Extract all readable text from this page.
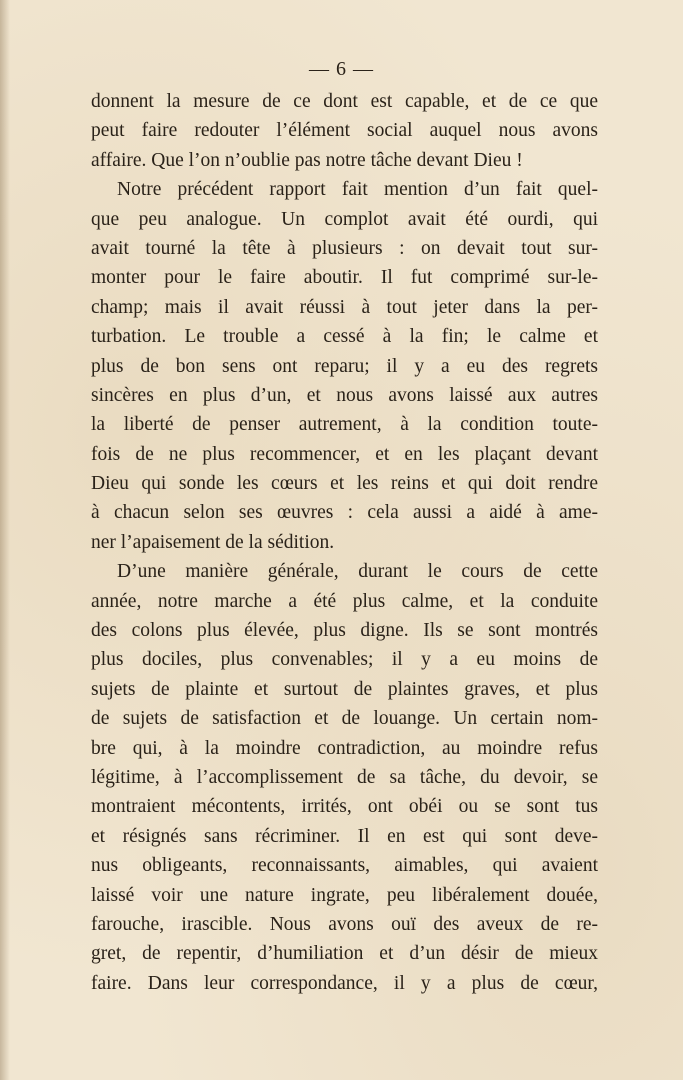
— 6 —
donnent la mesure de ce dont est capable, et de ce que
peut faire redouter l’élément social auquel nous avons
affaire. Que l’on n’oublie pas notre tâche devant Dieu !
Notre précédent rapport fait mention d’un fait quel-
que peu analogue. Un complot avait été ourdi, qui
avait tourné la tête à plusieurs : on devait tout sur-
monter pour le faire aboutir. Il fut comprimé sur-le-
champ; mais il avait réussi à tout jeter dans la per-
turbation. Le trouble a cessé à la fin; le calme et
plus de bon sens ont reparu; il y a eu des regrets
sincères en plus d’un, et nous avons laissé aux autres
la liberté de penser autrement, à la condition toute-
fois de ne plus recommencer, et en les plaçant devant
Dieu qui sonde les cœurs et les reins et qui doit rendre
à chacun selon ses œuvres : cela aussi a aidé à ame-
ner l’apaisement de la sédition.
D’une manière générale, durant le cours de cette
année, notre marche a été plus calme, et la conduite
des colons plus élevée, plus digne. Ils se sont montrés
plus dociles, plus convenables; il y a eu moins de
sujets de plainte et surtout de plaintes graves, et plus
de sujets de satisfaction et de louange. Un certain nom-
bre qui, à la moindre contradiction, au moindre refus
légitime, à l’accomplissement de sa tâche, du devoir, se
montraient mécontents, irrités, ont obéi ou se sont tus
et résignés sans récriminer. Il en est qui sont deve-
nus obligeants, reconnaissants, aimables, qui avaient
laissé voir une nature ingrate, peu libéralement douée,
farouche, irascible. Nous avons ouï des aveux de re-
gret, de repentir, d’humiliation et d’un désir de mieux
faire. Dans leur correspondance, il y a plus de cœur,
